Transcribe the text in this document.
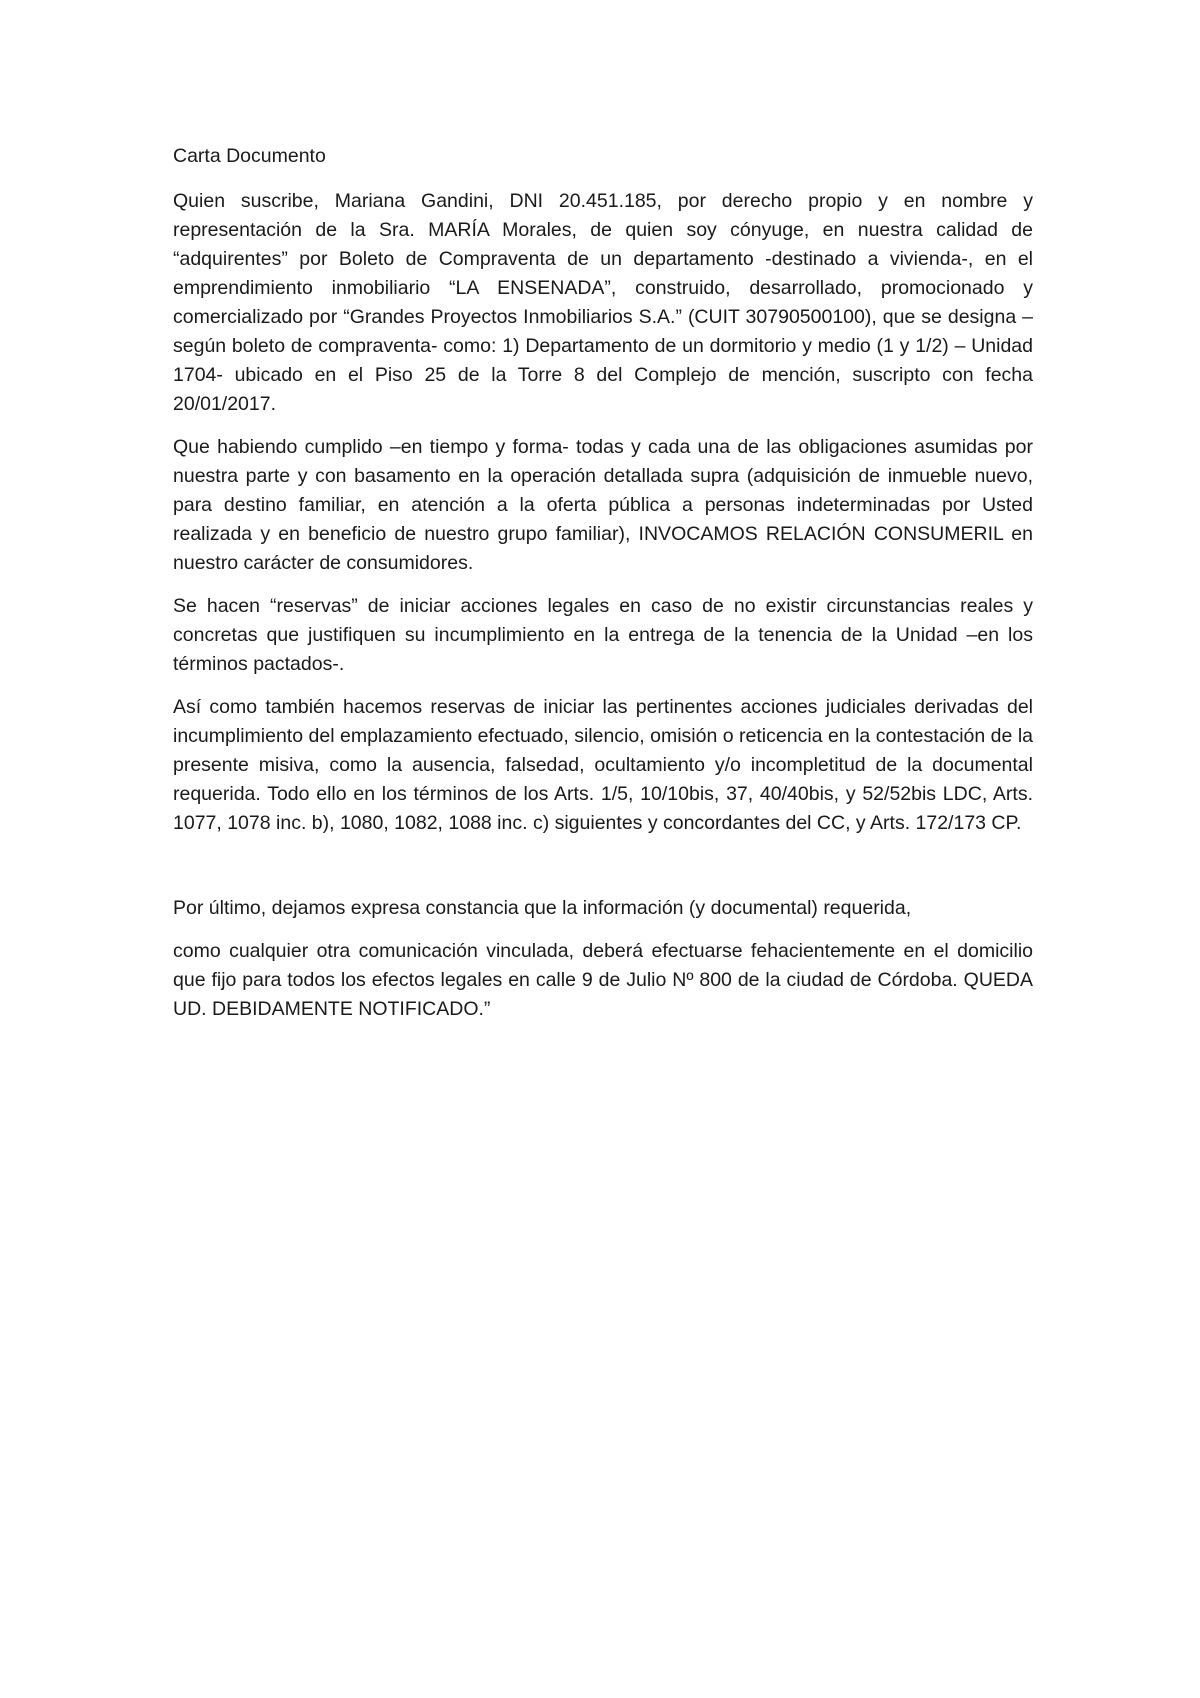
Carta Documento

Quien suscribe, Mariana Gandini, DNI 20.451.185, por derecho propio y en nombre y representación de la Sra. MARÍA Morales, de quien soy cónyuge, en nuestra calidad de “adquirentes” por Boleto de Compraventa de un departamento -destinado a vivienda-, en el emprendimiento inmobiliario “LA ENSENADA”, construido, desarrollado, promocionado y comercializado por “Grandes Proyectos Inmobiliarios S.A.” (CUIT 30790500100), que se designa –según boleto de compraventa- como: 1) Departamento de un dormitorio y medio (1 y 1/2) – Unidad 1704- ubicado en el Piso 25 de la Torre 8 del Complejo de mención, suscripto con fecha 20/01/2017.

Que habiendo cumplido –en tiempo y forma- todas y cada una de las obligaciones asumidas por nuestra parte y con basamento en la operación detallada supra (adquisición de inmueble nuevo, para destino familiar, en atención a la oferta pública a personas indeterminadas por Usted realizada y en beneficio de nuestro grupo familiar), INVOCAMOS RELACIÓN CONSUMERIL en nuestro carácter de consumidores.

Se hacen “reservas” de iniciar acciones legales en caso de no existir circunstancias reales y concretas que justifiquen su incumplimiento en la entrega de la tenencia de la Unidad –en los términos pactados-.

Así como también hacemos reservas de iniciar las pertinentes acciones judiciales derivadas del incumplimiento del emplazamiento efectuado, silencio, omisión o reticencia en la contestación de la presente misiva, como la ausencia, falsedad, ocultamiento y/o incompletitud de la documental requerida. Todo ello en los términos de los Arts. 1/5, 10/10bis, 37, 40/40bis, y 52/52bis LDC, Arts. 1077, 1078 inc. b), 1080, 1082, 1088 inc. c) siguientes y concordantes del CC, y Arts. 172/173 CP.

Por último, dejamos expresa constancia que la información (y documental) requerida,

como cualquier otra comunicación vinculada, deberá efectuarse fehacientemente en el domicilio que fijo para todos los efectos legales en calle 9 de Julio Nº 800 de la ciudad de Córdoba. QUEDA UD. DEBIDAMENTE NOTIFICADO.”
